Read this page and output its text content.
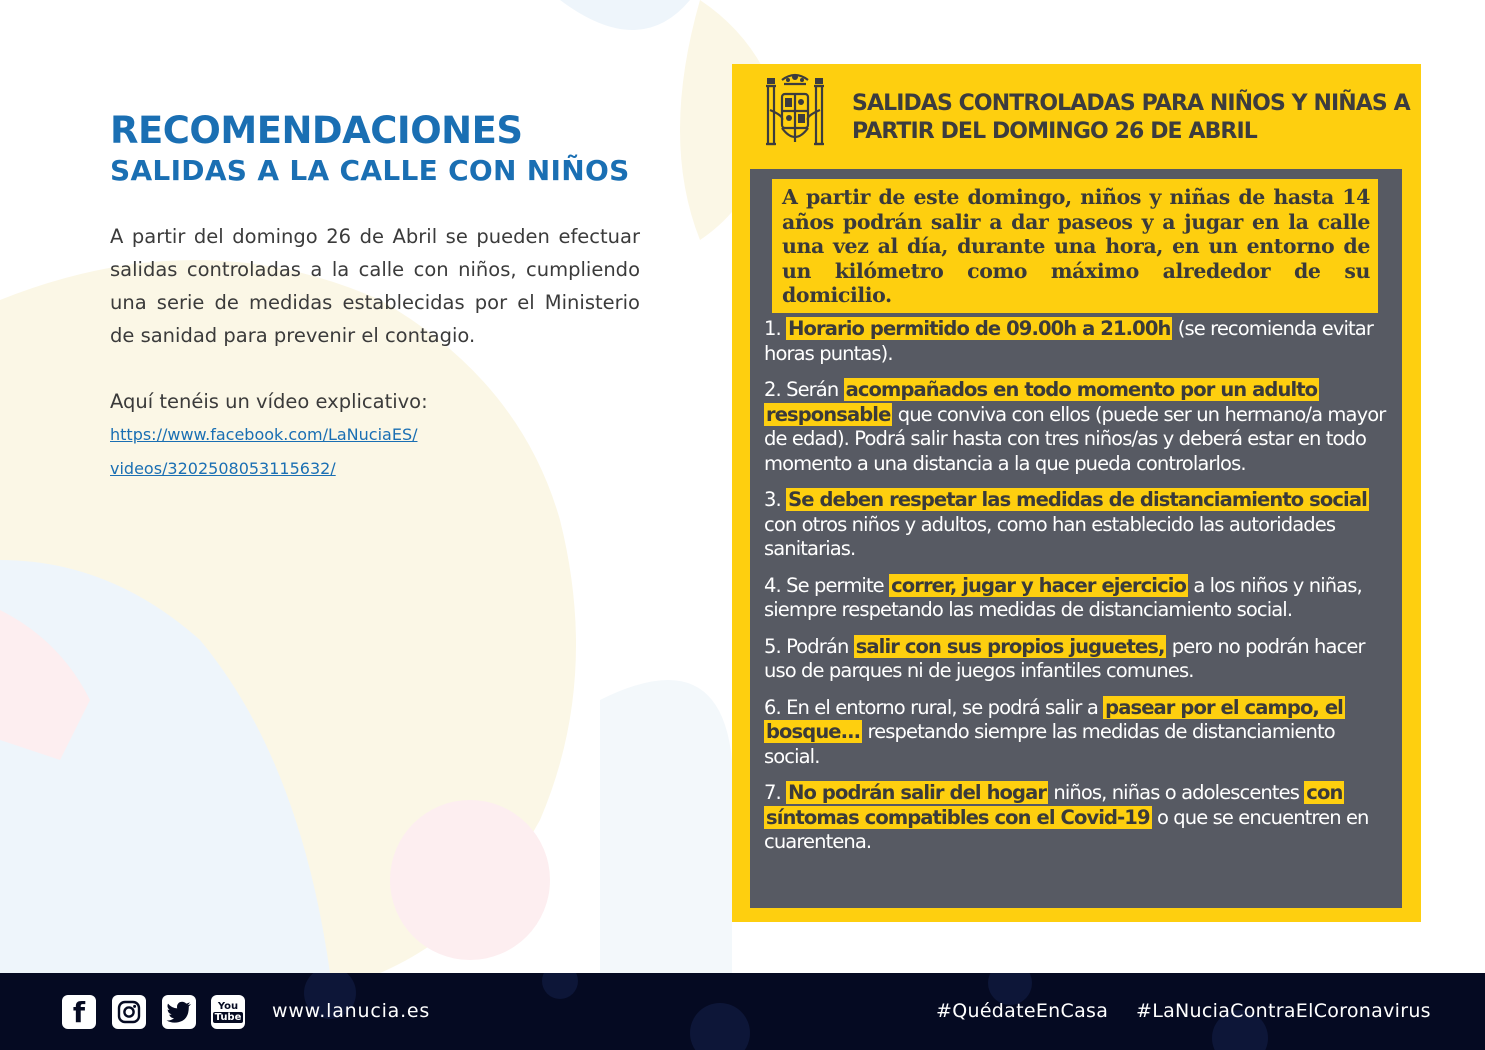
RECOMENDACIONES
SALIDAS A LA CALLE CON NIÑOS

A partir del domingo 26 de Abril se pueden efectuar salidas controladas a la calle con niños, cumpliendo una serie de medidas establecidas por el Ministerio de sanidad para prevenir el contagio.

Aquí tenéis un vídeo explicativo:

https://www.facebook.com/LaNuciaES/
videos/3202508053115632/
SALIDAS CONTROLADAS PARA NIÑOS Y NIÑAS A PARTIR DEL DOMINGO 26 DE ABRIL
A partir de este domingo, niños y niñas de hasta 14 años podrán salir a dar paseos y a jugar en la calle una vez al día, durante una hora, en un entorno de un kilómetro como máximo alrededor de su domicilio.
1. Horario permitido de 09.00h a 21.00h (se recomienda evitar horas puntas).
2. Serán acompañados en todo momento por un adulto responsable que conviva con ellos (puede ser un hermano/a mayor de edad). Podrá salir hasta con tres niños/as y deberá estar en todo momento a una distancia a la que pueda controlarlos.
3. Se deben respetar las medidas de distanciamiento social con otros niños y adultos, como han establecido las autoridades sanitarias.
4. Se permite correr, jugar y hacer ejercicio a los niños y niñas, siempre respetando las medidas de distanciamiento social.
5. Podrán salir con sus propios juguetes, pero no podrán hacer uso de parques ni de juegos infantiles comunes.
6. En el entorno rural, se podrá salir a pasear por el campo, el bosque... respetando siempre las medidas de distanciamiento social.
7. No podrán salir del hogar niños, niñas o adolescentes con síntomas compatibles con el Covid-19 o que se encuentren en cuarentena.
f	You
Tube www.lanucia.es	#QuédateEnCasa #LaNuciaContraElCoronavirus
